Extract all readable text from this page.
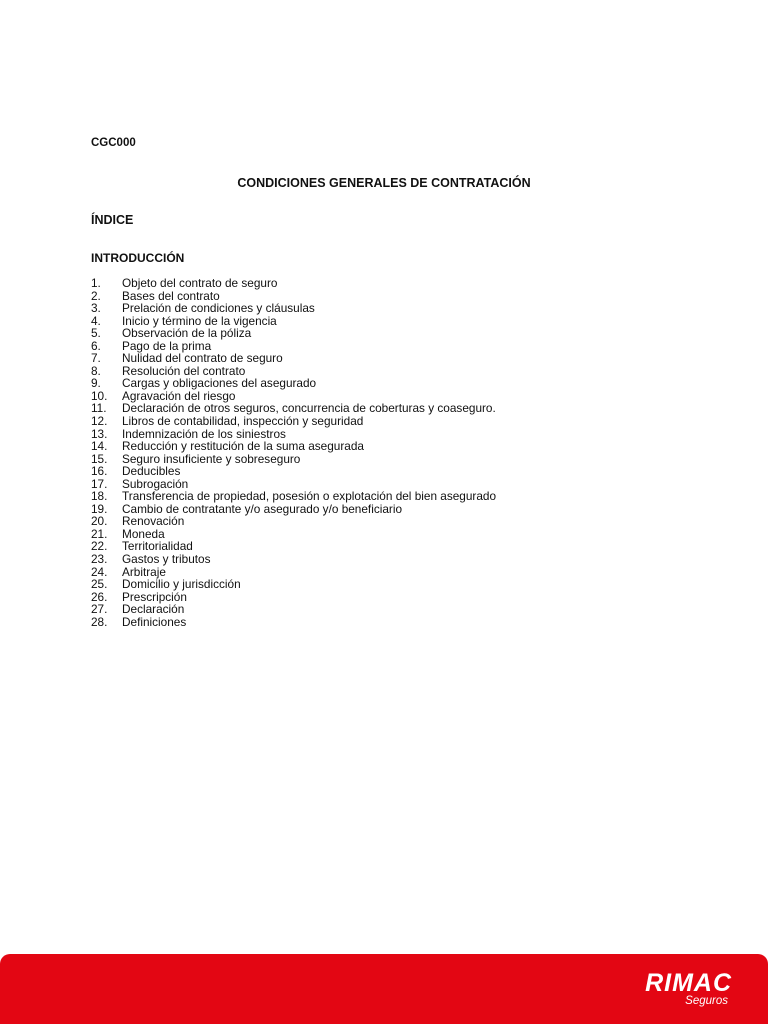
CGC000
CONDICIONES GENERALES DE CONTRATACIÓN
ÍNDICE
INTRODUCCIÓN
1.	Objeto del contrato de seguro
2.	Bases del contrato
3.	Prelación de condiciones y cláusulas
4.	Inicio y término de la vigencia
5.	Observación de la póliza
6.	Pago de la prima
7.	Nulidad del contrato de seguro
8.	Resolución del contrato
9.	Cargas y obligaciones del asegurado
10.	Agravación del riesgo
11.	Declaración de otros seguros, concurrencia de coberturas y coaseguro.
12.	Libros de contabilidad, inspección y seguridad
13.	Indemnización de los siniestros
14.	Reducción y restitución de la suma asegurada
15.	Seguro insuficiente y sobreseguro
16.	Deducibles
17.	Subrogación
18.	Transferencia de propiedad, posesión o explotación del bien asegurado
19.	Cambio de contratante y/o asegurado y/o beneficiario
20.	Renovación
21.	Moneda
22.	Territorialidad
23.	Gastos y tributos
24.	Arbitraje
25.	Domicilio y jurisdicción
26.	Prescripción
27.	Declaración
28.	Definiciones
RIMAC
Seguros
